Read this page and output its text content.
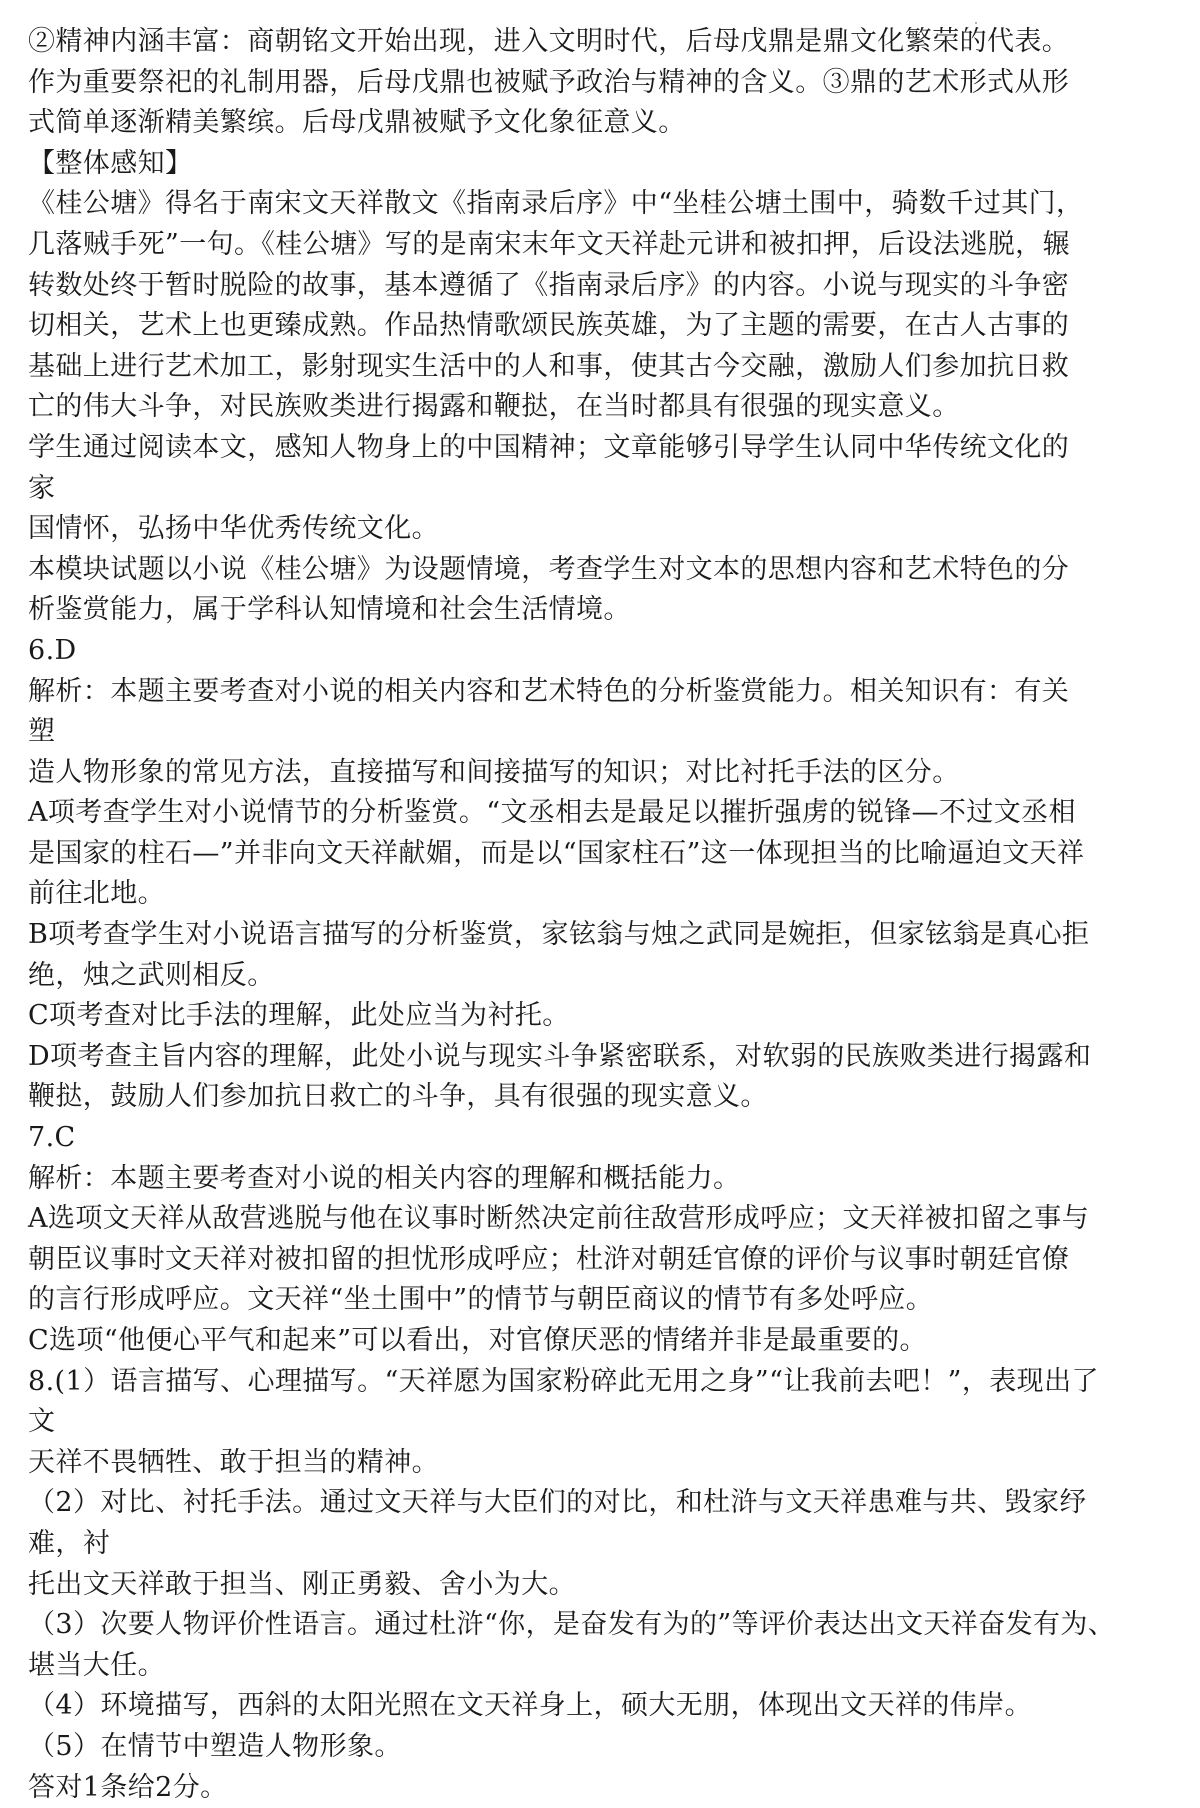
②精神内涵丰富：商朝铭文开始出现，进入文明时代，后母戊鼎是鼎文化繁荣的代表。
作为重要祭祀的礼制用器，后母戊鼎也被赋予政治与精神的含义。③鼎的艺术形式从形
式简单逐渐精美繁缤。后母戊鼎被赋予文化象征意义。
【整体感知】
《桂公塘》得名于南宋文天祥散文《指南录后序》中“坐桂公塘土围中，骑数千过其门，
几落贼手死”一句。《桂公塘》写的是南宋末年文天祥赴元讲和被扣押，后设法逃脱，辗
转数处终于暂时脱险的故事，基本遵循了《指南录后序》的内容。小说与现实的斗争密
切相关，艺术上也更臻成熟。作品热情歌颂民族英雄，为了主题的需要，在古人古事的
基础上进行艺术加工，影射现实生活中的人和事，使其古今交融，激励人们参加抗日救
亡的伟大斗争，对民族败类进行揭露和鞭挞，在当时都具有很强的现实意义。
学生通过阅读本文，感知人物身上的中国精神；文章能够引导学生认同中华传统文化的
家
国情怀，弘扬中华优秀传统文化。
本模块试题以小说《桂公塘》为设题情境，考查学生对文本的思想内容和艺术特色的分
析鉴赏能力，属于学科认知情境和社会生活情境。
6.D
解析：本题主要考查对小说的相关内容和艺术特色的分析鉴赏能力。相关知识有：有关
塑
造人物形象的常见方法，直接描写和间接描写的知识；对比衬托手法的区分。
A项考查学生对小说情节的分析鉴赏。“文丞相去是最足以摧折强虏的锐锋—不过文丞相
是国家的柱石—”并非向文天祥献媚，而是以“国家柱石”这一体现担当的比喻逼迫文天祥
前往北地。
B项考查学生对小说语言描写的分析鉴赏，家铉翁与烛之武同是婉拒，但家铉翁是真心拒
绝，烛之武则相反。
C项考查对比手法的理解，此处应当为衬托。
D项考查主旨内容的理解，此处小说与现实斗争紧密联系，对软弱的民族败类进行揭露和
鞭挞，鼓励人们参加抗日救亡的斗争，具有很强的现实意义。
7.C
解析：本题主要考查对小说的相关内容的理解和概括能力。
A选项文天祥从敌营逃脱与他在议事时断然决定前往敌营形成呼应；文天祥被扣留之事与
朝臣议事时文天祥对被扣留的担忧形成呼应；杜浒对朝廷官僚的评价与议事时朝廷官僚
的言行形成呼应。文天祥“坐土围中”的情节与朝臣商议的情节有多处呼应。
C选项“他便心平气和起来”可以看出，对官僚厌恶的情绪并非是最重要的。
8.(1）语言描写、心理描写。“天祥愿为国家粉碎此无用之身”“让我前去吧！”，表现出了
文
天祥不畏牺牲、敢于担当的精神。
（2）对比、衬托手法。通过文天祥与大臣们的对比，和杜浒与文天祥患难与共、毁家纾
难，衬
托出文天祥敢于担当、刚正勇毅、舍小为大。
（3）次要人物评价性语言。通过杜浒“你，是奋发有为的”等评价表达出文天祥奋发有为、
堪当大任。
（4）环境描写，西斜的太阳光照在文天祥身上，硕大无朋，体现出文天祥的伟岸。
（5）在情节中塑造人物形象。
答对1条给2分。
